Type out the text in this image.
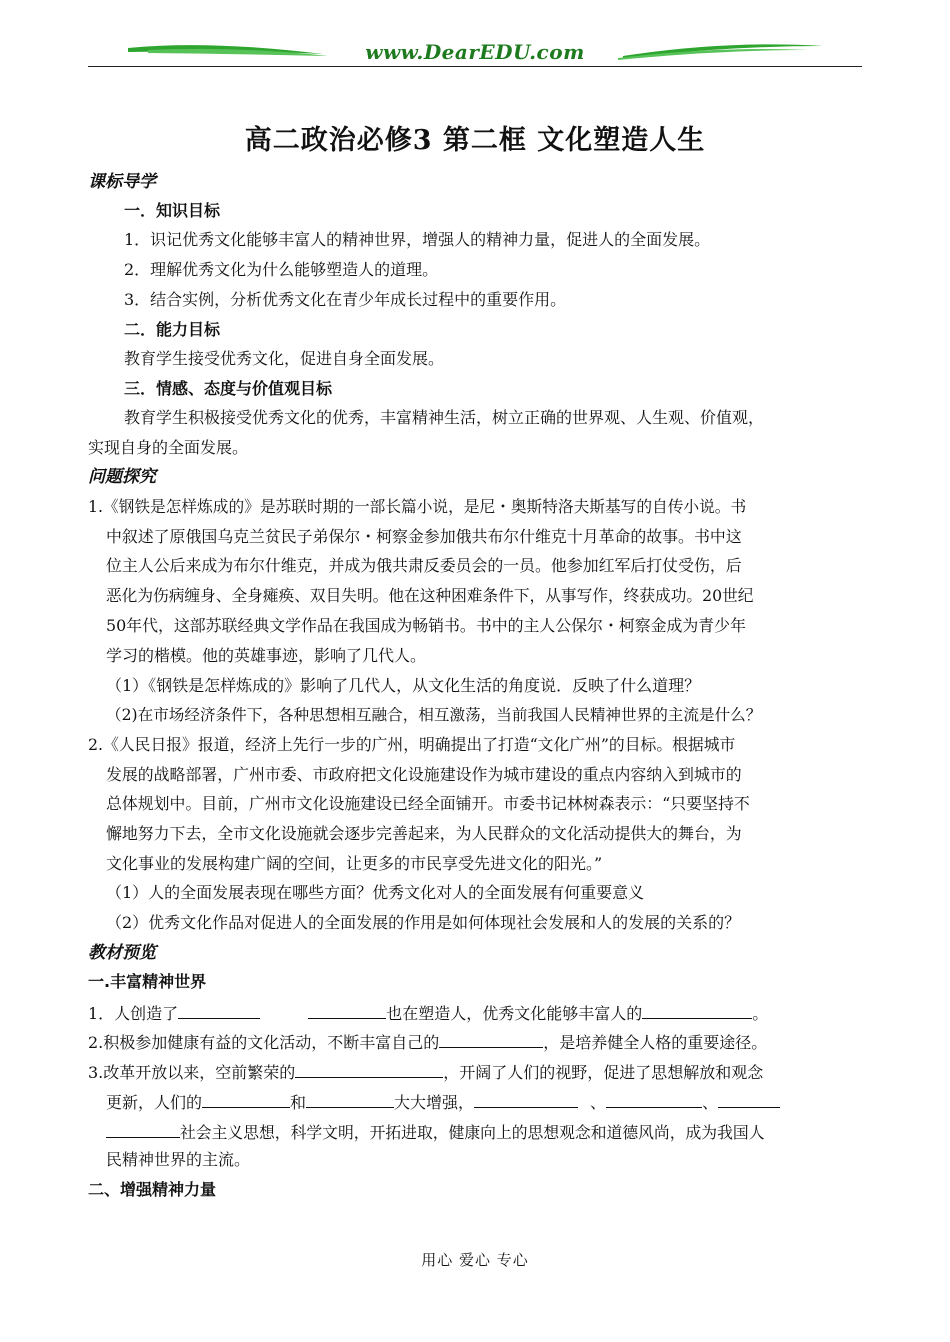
www.DearEDU.com
高二政治必修3 第二框 文化塑造人生
课标导学
一．知识目标
1．识记优秀文化能够丰富人的精神世界，增强人的精神力量，促进人的全面发展。
2．理解优秀文化为什么能够塑造人的道理。
3．结合实例，分析优秀文化在青少年成长过程中的重要作用。
二．能力目标
教育学生接受优秀文化，促进自身全面发展。
三．情感、态度与价值观目标
教育学生积极接受优秀文化的优秀，丰富精神生活，树立正确的世界观、人生观、价值观，
实现自身的全面发展。
问题探究
1.《钢铁是怎样炼成的》是苏联时期的一部长篇小说，是尼・奥斯特洛夫斯基写的自传小说。书
中叙述了原俄国乌克兰贫民子弟保尔・柯察金参加俄共布尔什维克十月革命的故事。书中这
位主人公后来成为布尔什维克，并成为俄共肃反委员会的一员。他参加红军后打仗受伤，后
恶化为伤病缠身、全身瘫痪、双目失明。他在这种困难条件下，从事写作，终获成功。20世纪
50年代，这部苏联经典文学作品在我国成为畅销书。书中的主人公保尔・柯察金成为青少年
学习的楷模。他的英雄事迹，影响了几代人。
（1）《钢铁是怎样炼成的》影响了几代人，从文化生活的角度说．反映了什么道理？
（2)在市场经济条件下，各种思想相互融合，相互激荡，当前我国人民精神世界的主流是什么？
2.《人民日报》报道，经济上先行一步的广州，明确提出了打造“文化广州”的目标。根据城市
发展的战略部署，广州市委、市政府把文化设施建设作为城市建设的重点内容纳入到城市的
总体规划中。目前，广州市文化设施建设已经全面铺开。市委书记林树森表示：“只要坚持不
懈地努力下去，全市文化设施就会逐步完善起来，为人民群众的文化活动提供大的舞台，为
文化事业的发展构建广阔的空间，让更多的市民享受先进文化的阳光。”
（1）人的全面发展表现在哪些方面？优秀文化对人的全面发展有何重要意义
（2）优秀文化作品对促进人的全面发展的作用是如何体现社会发展和人的发展的关系的？
教材预览
一.丰富精神世界
1．人创造了	也在塑造人，优秀文化能够丰富人的	。
2.积极参加健康有益的文化活动，不断丰富自己的	，是培养健全人格的重要途径。
3.改革开放以来，空前繁荣的	，开阔了人们的视野，促进了思想解放和观念
更新，人们的	和	大大增强，	、	、
社会主义思想，科学文明，开拓进取，健康向上的思想观念和道德风尚，成为我国人
民精神世界的主流。
二、增强精神力量
用心 爱心 专心
